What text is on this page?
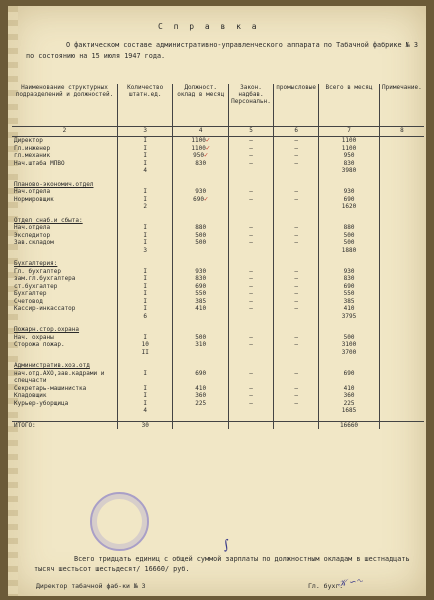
С п р а в к а
О фактическом составе административно-управленческого аппарата по Табачной фабрике № 3 по состоянию на 15 июля 1947 года.
Наименование структурных подразделений и должностей.	Количество штатн.ед.	Должност. оклад в месяц	Закон. надбав. Персональн.	промысловые	Всего в месяц	Примечание.
2	3	4	5	6	7	8
Директор	I	1100✓	–	–	1100	
Гл.инженер	I	1100✓	–	–	1100	
гл.механик	I	950✓	–	–	950	
Нач.штаба МПВО	I	830	–	–	830	
	4				3980	

Планово-экономич.отдел						
Нач.отдела	I	930	–	–	930	
Нормировщик	I	690✓	–	–	690	
	2				1620	

Отдел снаб.и сбыта:						
Нач.отдела	I	880	–	–	880	
Экспедитор	I	500	–	–	500	
Зав.складом	I	500	–	–	500	
	3				1880	

Бухгалтерия:						
Гл. бухгалтер	I	930	–	–	930	
зам.гл.бухгалтера	I	830	–	–	830	
ст.бухгалтер	I	690	–	–	690	
Бухгалтер	I	550	–	–	550	
Счетовод	I	385	–	–	385	
Кассир-инкассатор	I	410	–	–	410	
	6				3795	

Пожарн.стор.охрана						
Нач. охраны	I	500	–	–	500	
Сторожа пожар.	10	310	–	–	3100	
	II				3700	

Административ.хоз.отд						
нач.отд.АХО,зав.кадрами и спецчасти	I	690	–	–	690	
Секретарь-машинистка	I	410	–	–	410	
Кладовщик	I	360	–	–	360	
Курьер-уборщица	I	225	–	–	225	
	4				1685	

ИТОГО:	30				16660	
∫
Всего тридцать единиц с общей суммой зарплаты по должностным окладам в шестнадцать тысяч шестьсот шестьдесят/ 16660/ руб.
Директор табачной фаб-ки № 3	Гл. бухг.
𝒦 ∽∿
